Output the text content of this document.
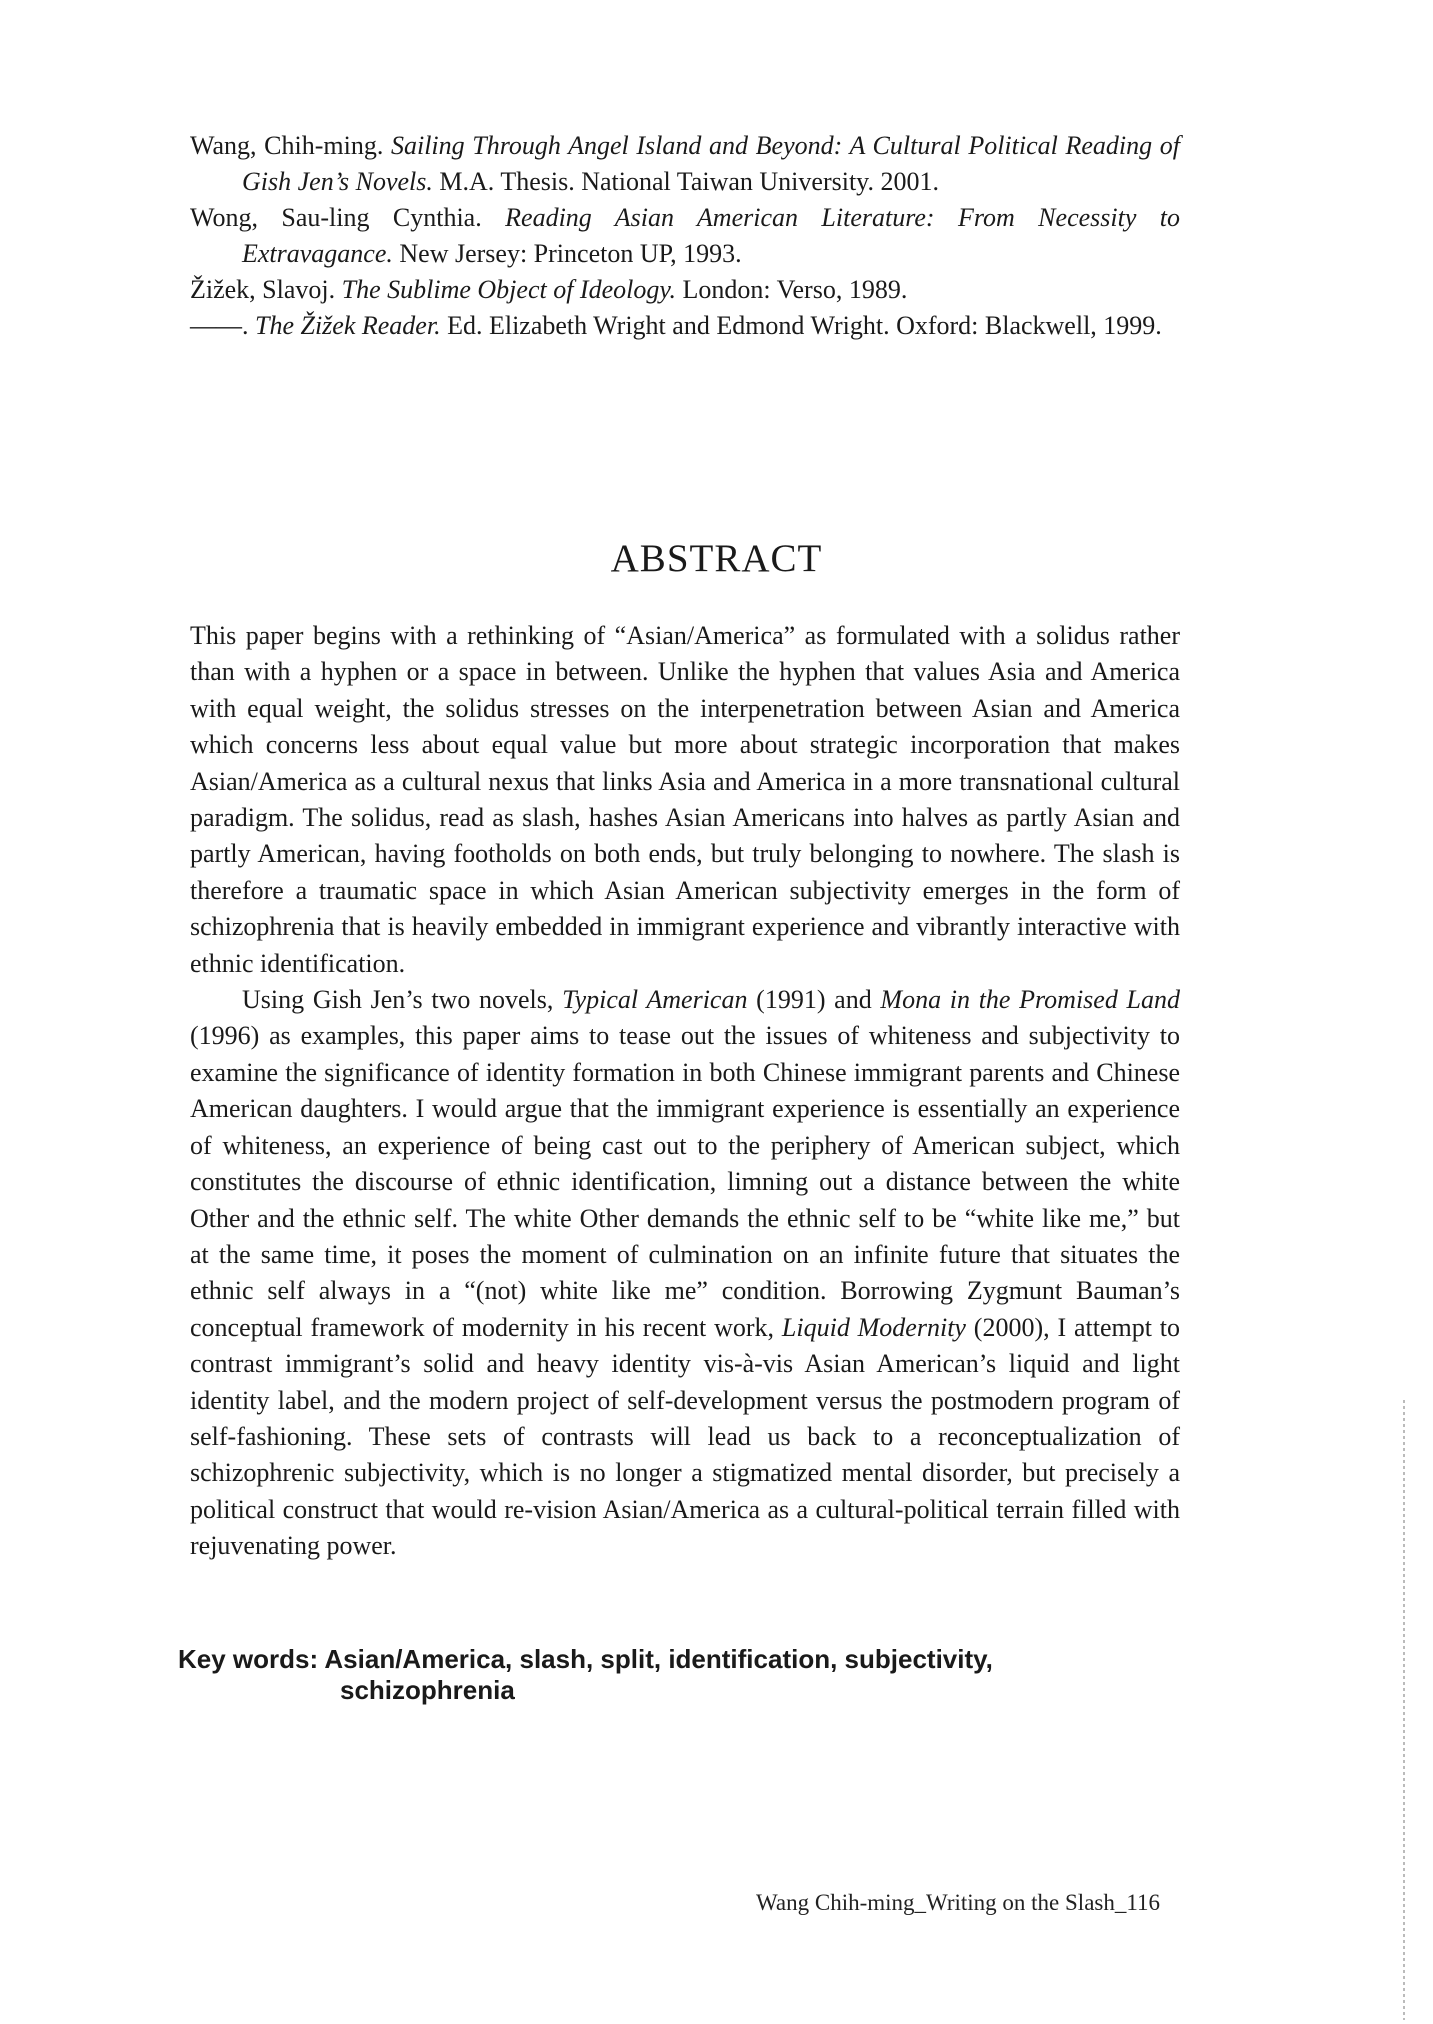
Wang, Chih-ming. Sailing Through Angel Island and Beyond: A Cultural Political Reading of Gish Jen’s Novels. M.A. Thesis. National Taiwan University. 2001.

Wong, Sau-ling Cynthia. Reading Asian American Literature: From Necessity to Extravagance. New Jersey: Princeton UP, 1993.

Žižek, Slavoj. The Sublime Object of Ideology. London: Verso, 1989.

——. The Žižek Reader. Ed. Elizabeth Wright and Edmond Wright. Oxford: Blackwell, 1999.

ABSTRACT

This paper begins with a rethinking of “Asian/America” as formulated with a solidus rather than with a hyphen or a space in between. Unlike the hyphen that values Asia and America with equal weight, the solidus stresses on the interpenetration between Asian and America which concerns less about equal value but more about strategic incorporation that makes Asian/America as a cultural nexus that links Asia and America in a more transnational cultural paradigm. The solidus, read as slash, hashes Asian Americans into halves as partly Asian and partly American, having footholds on both ends, but truly belonging to nowhere. The slash is therefore a traumatic space in which Asian American subjectivity emerges in the form of schizophrenia that is heavily embedded in immigrant experience and vibrantly interactive with ethnic identification.

Using Gish Jen’s two novels, Typical American (1991) and Mona in the Promised Land (1996) as examples, this paper aims to tease out the issues of whiteness and subjectivity to examine the significance of identity formation in both Chinese immigrant parents and Chinese American daughters. I would argue that the immigrant experience is essentially an experience of whiteness, an experience of being cast out to the periphery of American subject, which constitutes the discourse of ethnic identification, limning out a distance between the white Other and the ethnic self. The white Other demands the ethnic self to be “white like me,” but at the same time, it poses the moment of culmination on an infinite future that situates the ethnic self always in a “(not) white like me” condition. Borrowing Zygmunt Bauman’s conceptual framework of modernity in his recent work, Liquid Modernity (2000), I attempt to contrast immigrant’s solid and heavy identity vis-à-vis Asian American’s liquid and light identity label, and the modern project of self-development versus the postmodern program of self-fashioning. These sets of contrasts will lead us back to a reconceptualization of schizophrenic subjectivity, which is no longer a stigmatized mental disorder, but precisely a political construct that would re-vision Asian/America as a cultural-political terrain filled with rejuvenating power.

Key words: Asian/America, slash, split, identification, subjectivity,
schizophrenia
Wang Chih-ming_Writing on the Slash_116
